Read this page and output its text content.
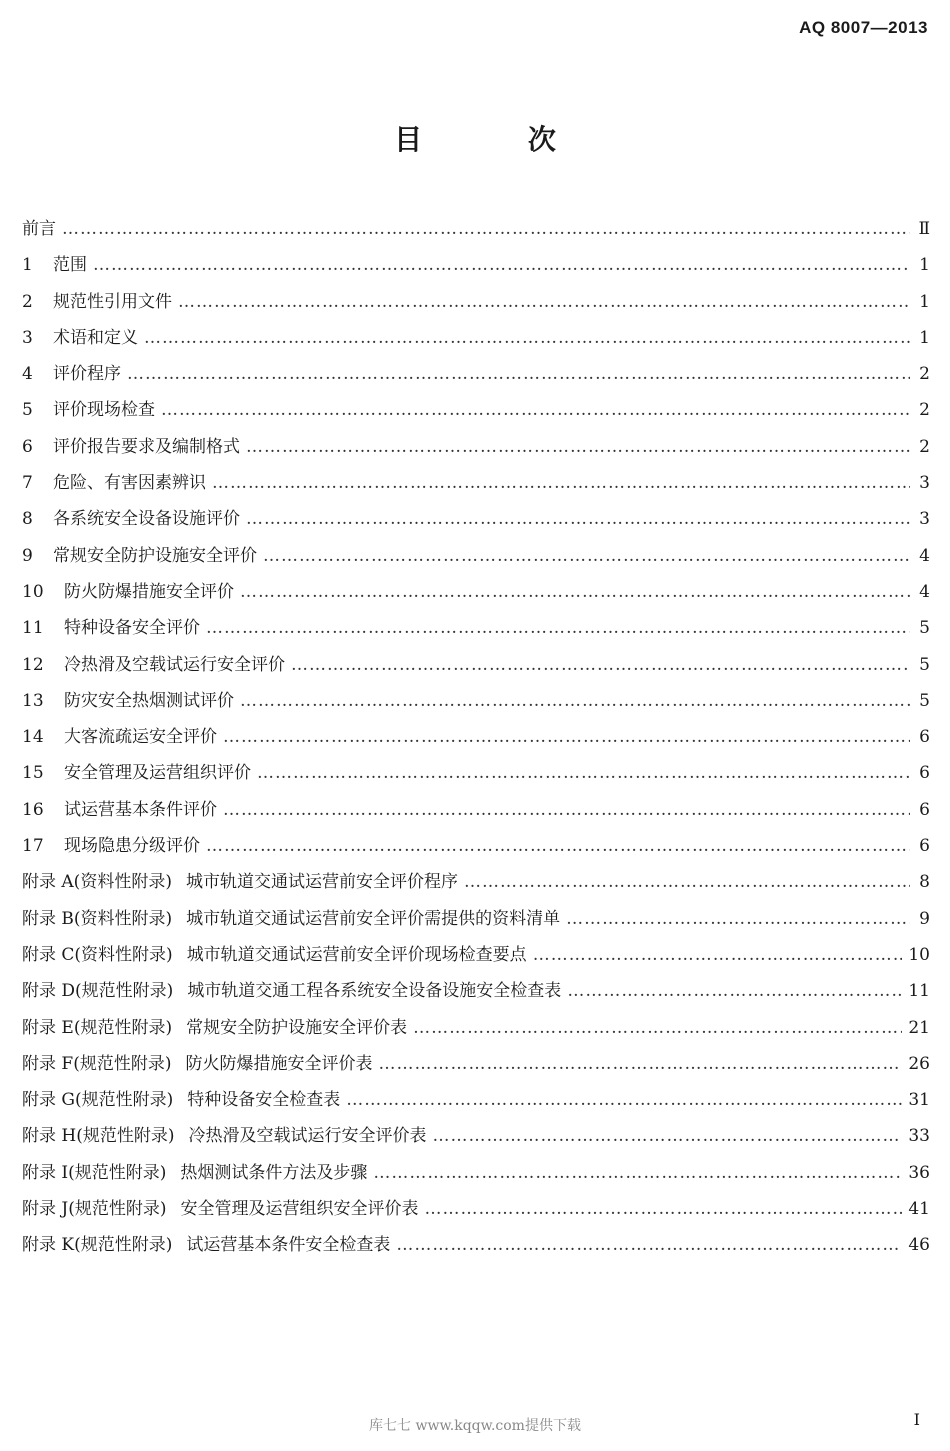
AQ 8007—2013
目 次
前言 …………………………………………………………………………………………………………………………………………………………………………………………………………………………	Ⅱ
1	范围 …………………………………………………………………………………………………………………………………………………………………………………………………………………………	1
2	规范性引用文件 …………………………………………………………………………………………………………………………………………………………………………………………………………………………	1
3	术语和定义 …………………………………………………………………………………………………………………………………………………………………………………………………………………………	1
4	评价程序 …………………………………………………………………………………………………………………………………………………………………………………………………………………………	2
5	评价现场检查 …………………………………………………………………………………………………………………………………………………………………………………………………………………………	2
6	评价报告要求及编制格式 …………………………………………………………………………………………………………………………………………………………………………………………………………………………	2
7	危险、有害因素辨识 …………………………………………………………………………………………………………………………………………………………………………………………………………………………	3
8	各系统安全设备设施评价 …………………………………………………………………………………………………………………………………………………………………………………………………………………………	3
9	常规安全防护设施安全评价 …………………………………………………………………………………………………………………………………………………………………………………………………………………………	4
10	防火防爆措施安全评价 …………………………………………………………………………………………………………………………………………………………………………………………………………………………	4
11	特种设备安全评价 …………………………………………………………………………………………………………………………………………………………………………………………………………………………	5
12	冷热滑及空载试运行安全评价 …………………………………………………………………………………………………………………………………………………………………………………………………………………………	5
13	防灾安全热烟测试评价 …………………………………………………………………………………………………………………………………………………………………………………………………………………………	5
14	大客流疏运安全评价 …………………………………………………………………………………………………………………………………………………………………………………………………………………………	6
15	安全管理及运营组织评价 …………………………………………………………………………………………………………………………………………………………………………………………………………………………	6
16	试运营基本条件评价 …………………………………………………………………………………………………………………………………………………………………………………………………………………………	6
17	现场隐患分级评价 …………………………………………………………………………………………………………………………………………………………………………………………………………………………	6
附录 A(资料性附录) 城市轨道交通试运营前安全评价程序 …………………………………………………………………………………………………………………………………………………………………………………………………………………………	8
附录 B(资料性附录) 城市轨道交通试运营前安全评价需提供的资料清单 …………………………………………………………………………………………………………………………………………………………………………………………………………………………	9
附录 C(资料性附录) 城市轨道交通试运营前安全评价现场检查要点 …………………………………………………………………………………………………………………………………………………………………………………………………………………………	10
附录 D(规范性附录) 城市轨道交通工程各系统安全设备设施安全检查表 …………………………………………………………………………………………………………………………………………………………………………………………………………………………	11
附录 E(规范性附录) 常规安全防护设施安全评价表 …………………………………………………………………………………………………………………………………………………………………………………………………………………………	21
附录 F(规范性附录) 防火防爆措施安全评价表 …………………………………………………………………………………………………………………………………………………………………………………………………………………………	26
附录 G(规范性附录) 特种设备安全检查表 …………………………………………………………………………………………………………………………………………………………………………………………………………………………	31
附录 H(规范性附录) 冷热滑及空载试运行安全评价表 …………………………………………………………………………………………………………………………………………………………………………………………………………………………	33
附录 I(规范性附录) 热烟测试条件方法及步骤 …………………………………………………………………………………………………………………………………………………………………………………………………………………………	36
附录 J(规范性附录) 安全管理及运营组织安全评价表 …………………………………………………………………………………………………………………………………………………………………………………………………………………………	41
附录 K(规范性附录) 试运营基本条件安全检查表 …………………………………………………………………………………………………………………………………………………………………………………………………………………………	46
库七七 www.kqqw.com提供下载	Ⅰ
